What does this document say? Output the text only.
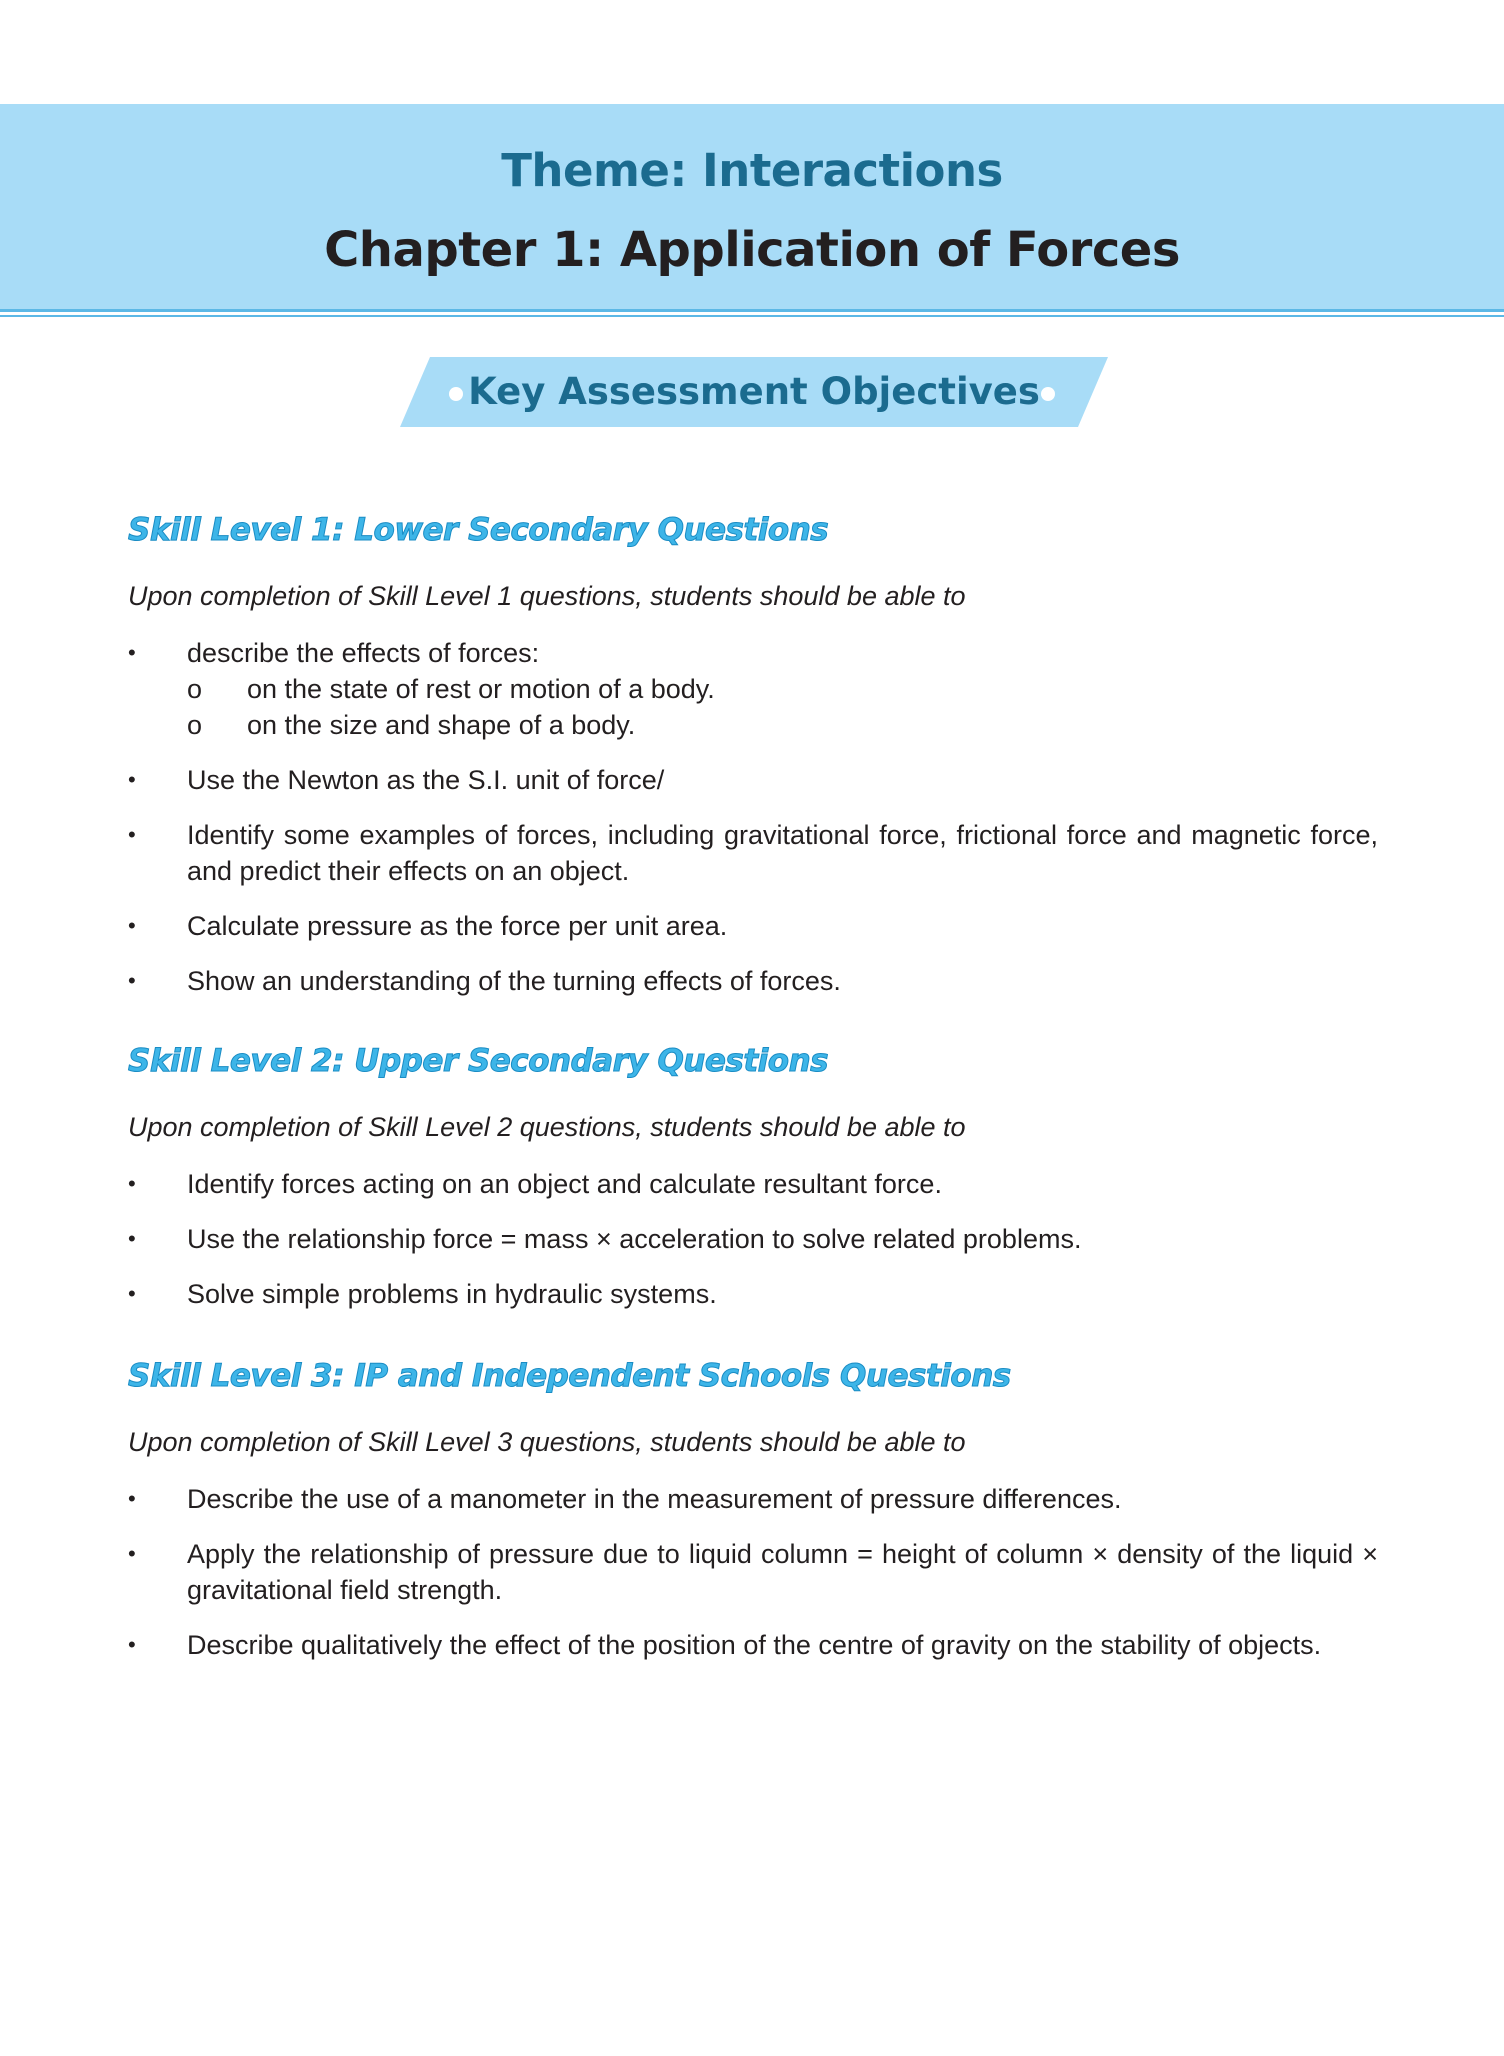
Theme: Interactions
Chapter 1: Application of Forces
Key Assessment Objectives
Skill Level 1: Lower Secondary Questions
Upon completion of Skill Level 1 questions, students should be able to
• describe the effects of forces:
o on the state of rest or motion of a body.
o on the size and shape of a body.
• Use the Newton as the S.I. unit of force/
• Identify some examples of forces, including gravitational force, frictional force and magnetic force, and predict their effects on an object.
• Calculate pressure as the force per unit area.
• Show an understanding of the turning effects of forces.
Skill Level 2: Upper Secondary Questions
Upon completion of Skill Level 2 questions, students should be able to
• Identify forces acting on an object and calculate resultant force.
• Use the relationship force = mass × acceleration to solve related problems.
• Solve simple problems in hydraulic systems.
Skill Level 3: IP and Independent Schools Questions
Upon completion of Skill Level 3 questions, students should be able to
• Describe the use of a manometer in the measurement of pressure differences.
• Apply the relationship of pressure due to liquid column = height of column × density of the liquid × gravitational field strength.
• Describe qualitatively the effect of the position of the centre of gravity on the stability of objects.
